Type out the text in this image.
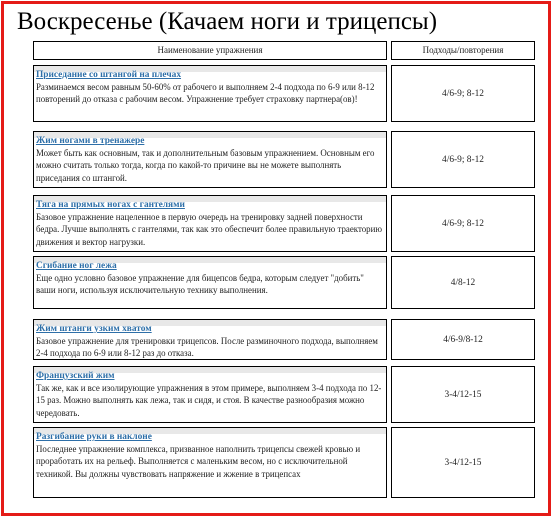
Воскресенье (Качаем ноги и трицепсы)
Наименование упражнения	Подходы/повторения
Приседание со штангой на плечах
Разминаемся весом равным 50-60% от рабочего и выполняем 2-4 подхода по 6-9 или 8-12 повторений до отказа с рабочим весом. Упражнение требует страховку партнера(ов)!
4/6-9; 8-12
Жим ногами в тренажере
Может быть как основным, так и дополнительным базовым упражнением. Основным его можно считать только тогда, когда по какой-то причине вы не можете выполнять приседания со штангой.
4/6-9; 8-12
Тяга на прямых ногах с гантелями
Базовое упражнение нацеленное в первую очередь на тренировку задней поверхности бедра. Лучше выполнять с гантелями, так как это обеспечит более правильную траекторию движения и вектор нагрузки.
4/6-9; 8-12
Сгибание ног лежа
Еще одно условно базовое упражнение для бицепсов бедра, которым следует "добить" ваши ноги, используя исключительную технику выполнения.
4/8-12
Жим штанги узким хватом
Базовое упражнение для тренировки трицепсов. После разминочного подхода, выполняем 2-4 подхода по 6-9 или 8-12 раз до отказа.
4/6-9/8-12
Французский жим
Так же, как и все изолирующие упражнения в этом примере, выполняем 3-4 подхода по 12-15 раз. Можно выполнять как лежа, так и сидя, и стоя. В качестве разнообразия можно чередовать.
3-4/12-15
Разгибание руки в наклоне
Последнее упражнение комплекса, призванное наполнить трицепсы свежей кровью и проработать их на рельеф. Выполняется с маленьким весом, но с исключительной техникой. Вы должны чувствовать напряжение и жжение в трицепсах
3-4/12-15
